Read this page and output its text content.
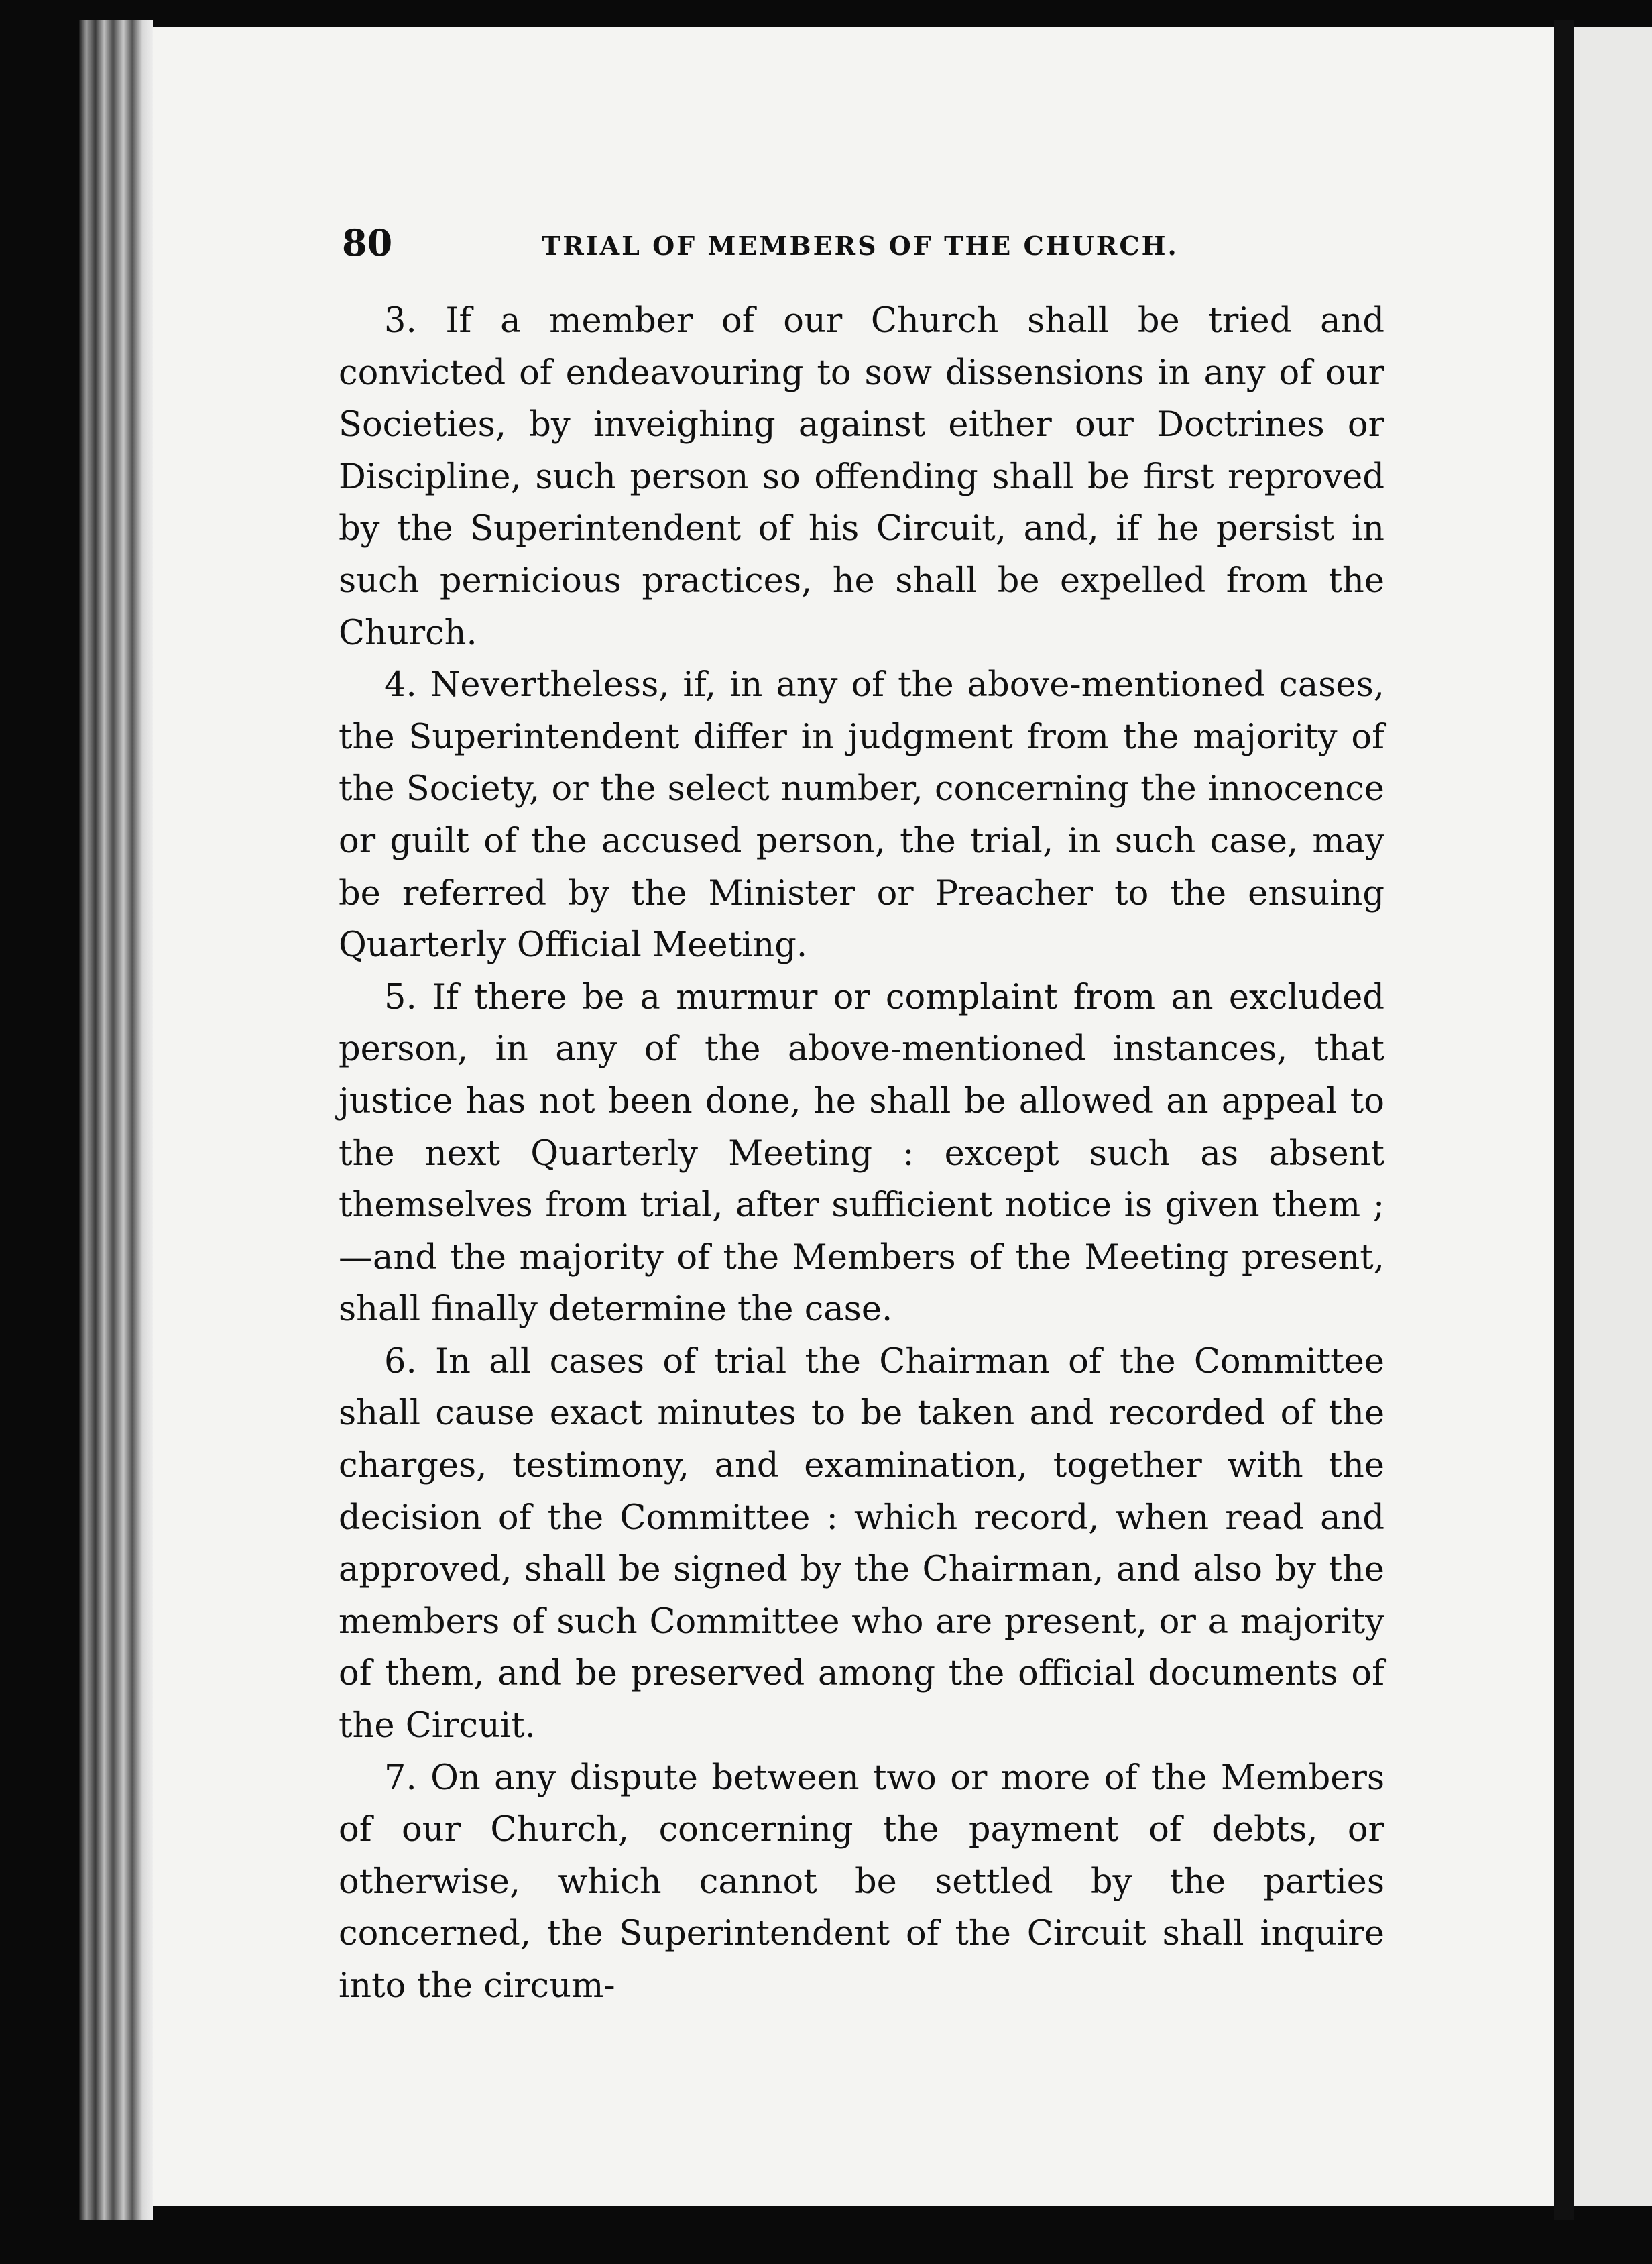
80	TRIAL OF MEMBERS OF THE CHURCH.

3. If a member of our Church shall be tried and convicted of endeavouring to sow dissensions in any of our Societies, by inveighing against either our Doctrines or Discipline, such person so offending shall be first reproved by the Superintendent of his Circuit, and, if he persist in such pernicious practices, he shall be expelled from the Church.

4. Nevertheless, if, in any of the above-mentioned cases, the Superintendent differ in judgment from the majority of the Society, or the select number, concerning the innocence or guilt of the accused person, the trial, in such case, may be referred by the Minister or Preacher to the ensuing Quarterly Official Meeting.

5. If there be a murmur or complaint from an excluded person, in any of the above-mentioned instances, that justice has not been done, he shall be allowed an appeal to the next Quarterly Meeting : except such as absent themselves from trial, after sufficient notice is given them ;—and the majority of the Members of the Meeting present, shall finally determine the case.

6. In all cases of trial the Chairman of the Committee shall cause exact minutes to be taken and recorded of the charges, testimony, and examination, together with the decision of the Committee : which record, when read and approved, shall be signed by the Chairman, and also by the members of such Committee who are present, or a majority of them, and be preserved among the official documents of the Circuit.

7. On any dispute between two or more of the Members of our Church, concerning the payment of debts, or otherwise, which cannot be settled by the parties concerned, the Superintendent of the Circuit shall inquire into the circum-
